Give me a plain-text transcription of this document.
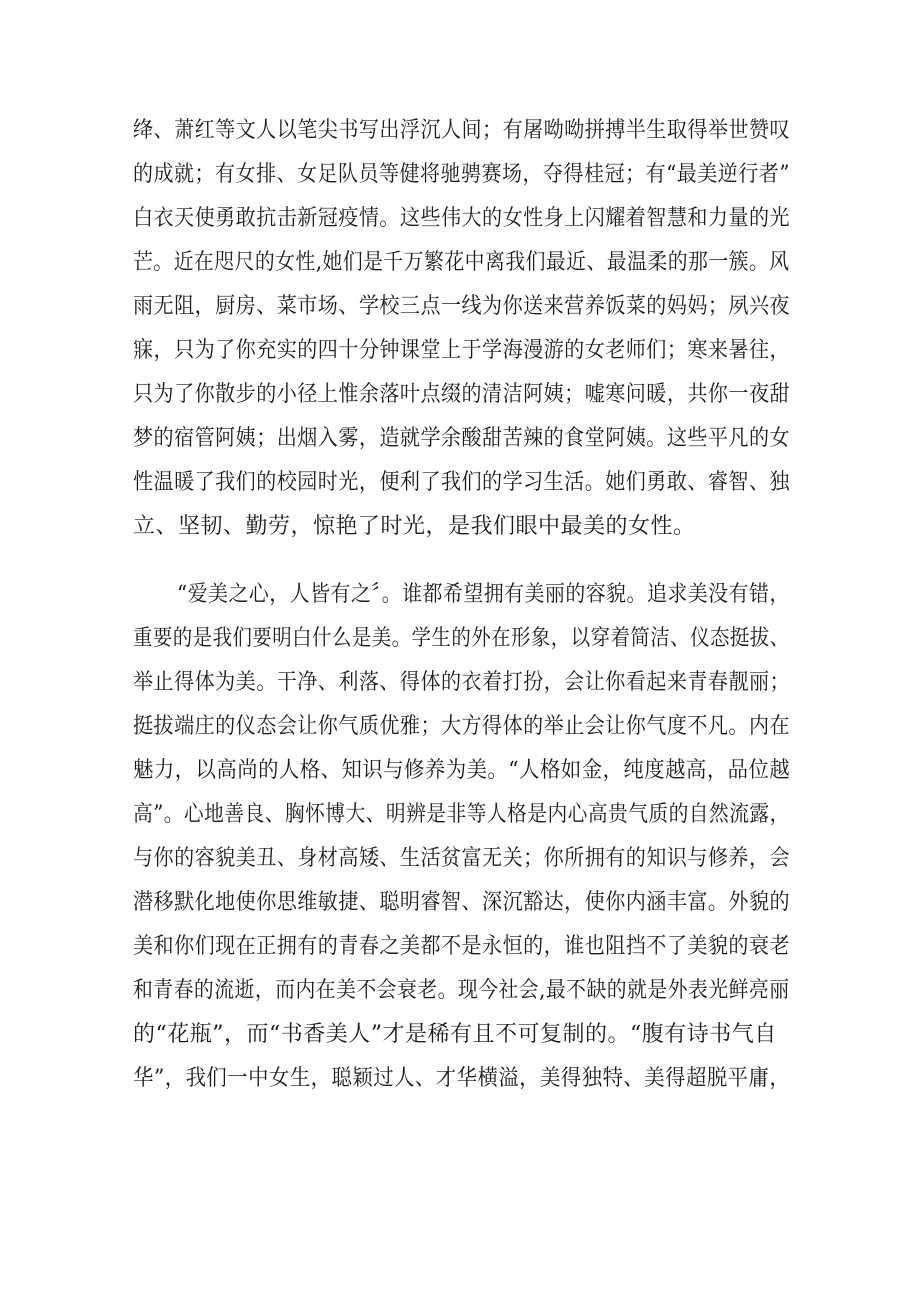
绛、萧红等文人以笔尖书写出浮沉人间；有屠呦呦拼搏半生取得举世赞叹
的成就；有女排、女足队员等健将驰骋赛场，夺得桂冠；有“最美逆行者”
白衣天使勇敢抗击新冠疫情。这些伟大的女性身上闪耀着智慧和力量的光
芒。近在咫尺的女性,她们是千万繁花中离我们最近、最温柔的那一簇。风
雨无阻，厨房、菜市场、学校三点一线为你送来营养饭菜的妈妈；夙兴夜
寐，只为了你充实的四十分钟课堂上于学海漫游的女老师们；寒来暑往，
只为了你散步的小径上惟余落叶点缀的清洁阿姨；嘘寒问暖，共你一夜甜
梦的宿管阿姨；出烟入雾，造就学余酸甜苦辣的食堂阿姨。这些平凡的女
性温暖了我们的校园时光，便利了我们的学习生活。她们勇敢、睿智、独
立、坚韧、勤劳，惊艳了时光，是我们眼中最美的女性。
“爱美之心，人皆有之〞。谁都希望拥有美丽的容貌。追求美没有错，
重要的是我们要明白什么是美。学生的外在形象，以穿着简洁、仪态挺拔、
举止得体为美。干净、利落、得体的衣着打扮，会让你看起来青春靓丽；
挺拔端庄的仪态会让你气质优雅；大方得体的举止会让你气度不凡。内在
魅力，以高尚的人格、知识与修养为美。“人格如金，纯度越高，品位越
高”。心地善良、胸怀博大、明辨是非等人格是内心高贵气质的自然流露，
与你的容貌美丑、身材高矮、生活贫富无关；你所拥有的知识与修养，会
潜移默化地使你思维敏捷、聪明睿智、深沉豁达，使你内涵丰富。外貌的
美和你们现在正拥有的青春之美都不是永恒的，谁也阻挡不了美貌的衰老
和青春的流逝，而内在美不会衰老。现今社会,最不缺的就是外表光鲜亮丽
的“花瓶”，而“书香美人”才是稀有且不可复制的。“腹有诗书气自
华”，我们一中女生，聪颖过人、才华横溢，美得独特、美得超脱平庸，
